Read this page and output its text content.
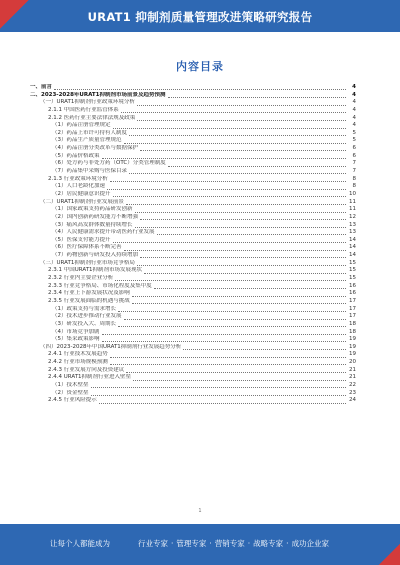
URAT1 抑制剂质量管理改进策略研究报告
内容目录
一、前言	4
二、2023-2028年URAT1抑制剂市场前景及趋势预测	4
（一）URAT1抑制剂行业政策环境分析	4
2.1.1 中国医药行业监管体系	4
2.1.2 医药行业主要法律法规及政策	4
（1）药品注册管理规定	4
（2）药品上市许可持有人制度	5
（3）药品生产质量管理规范	5
（4）药品注册分类改革与数据保护	6
（5）药品价格政策	6
（6）处方药与非处方药（OTC）分类管理制度	7
（7）药品集中采购与医保目录	7
2.1.3 行业政策环境分析	8
（1）人口老龄化加速	8
（2）居民健康意识提升	10
（二）URAT1抑制剂行业发展前景	11
（1）国家政策支持药品研发创新	11
（2）国内创新药研发能力不断增强	12
（3）痛风高发群体数量持续增长	13
（4）人民健康需求提升带动医药行业发展	13
（5）医保支付能力提升	14
（6）医疗保障体系不断完善	14
（7）药物创新与研发投入持续增加	14
（三）URAT1抑制剂行业市场竞争格局	15
2.3.1 中国URAT1抑制剂市场发展现状	15
2.3.2 行业内主要企业分析	15
2.3.3 行业竞争格局、市场化程度及集中度	16
2.3.4 行业上下游发展状况及影响	16
2.3.5 行业发展面临的机遇与挑战	17
（1）政策支持与需求增长	17
（2）技术进步推动行业发展	17
（3）研发投入大、周期长	18
（4）市场竞争加剧	18
（5）集采政策影响	19
（四）2023-2028年中国URAT1抑制剂行业发展趋势分析	19
2.4.1 行业技术发展趋势	19
2.4.2 行业市场规模预测	20
2.4.3 行业发展方向及投资建议	21
2.4.4 URAT1抑制剂行业进入壁垒	21
（1）技术壁垒	22
（2）资金壁垒	23
2.4.5 行业风险提示	24
1
让每个人都能成为	行业专家 · 管理专家 · 营销专家 · 战略专家 · 成功企业家
